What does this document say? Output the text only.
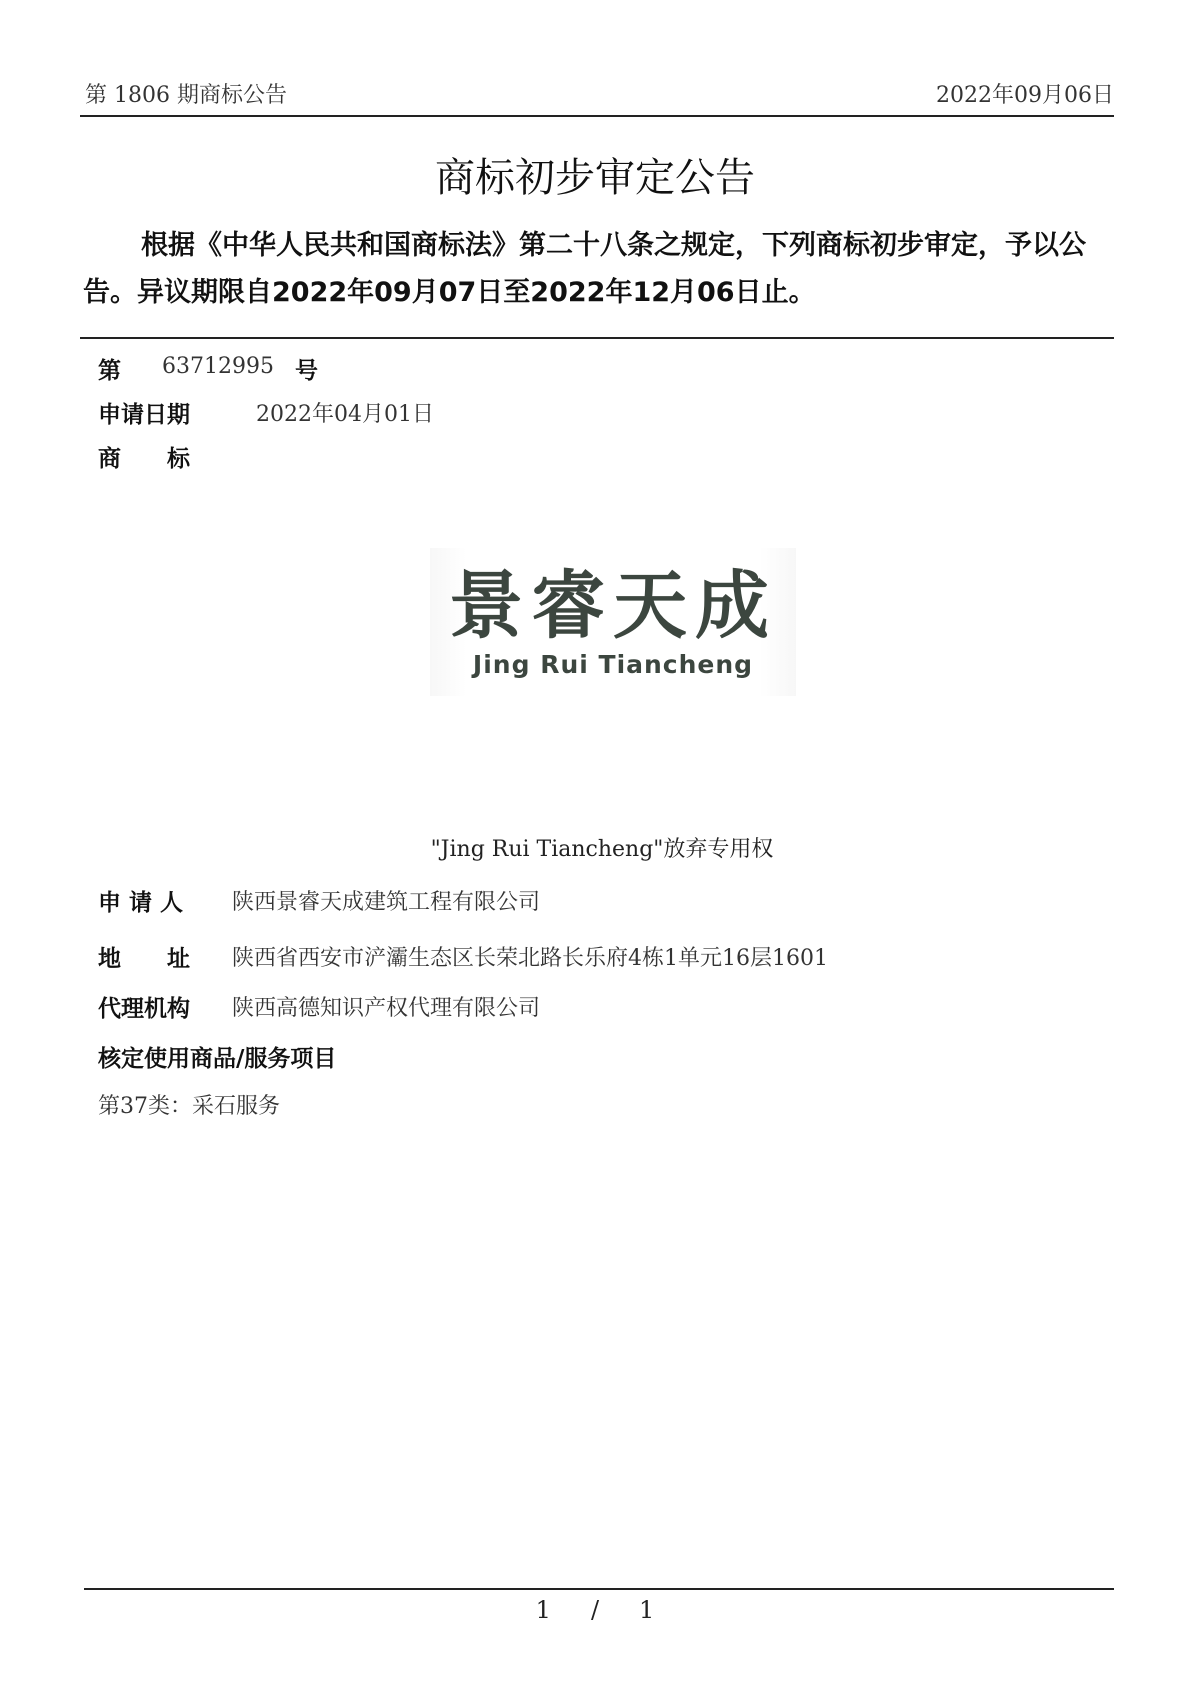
第 1806 期商标公告	2022年09月06日
商标初步审定公告
根据《中华人民共和国商标法》第二十八条之规定，下列商标初步审定，予以公告。异议期限自2022年09月07日至2022年12月06日止。
第 63712995 号
申请日期	2022年04月01日
商　　标
景睿天成
Jing Rui Tiancheng
"Jing Rui Tiancheng"放弃专用权
申 请 人 陕西景睿天成建筑工程有限公司
地　　址 陕西省西安市浐灞生态区长荣北路长乐府4栋1单元16层1601
代理机构 陕西高德知识产权代理有限公司
核定使用商品/服务项目
第37类：采石服务
1 / 1
